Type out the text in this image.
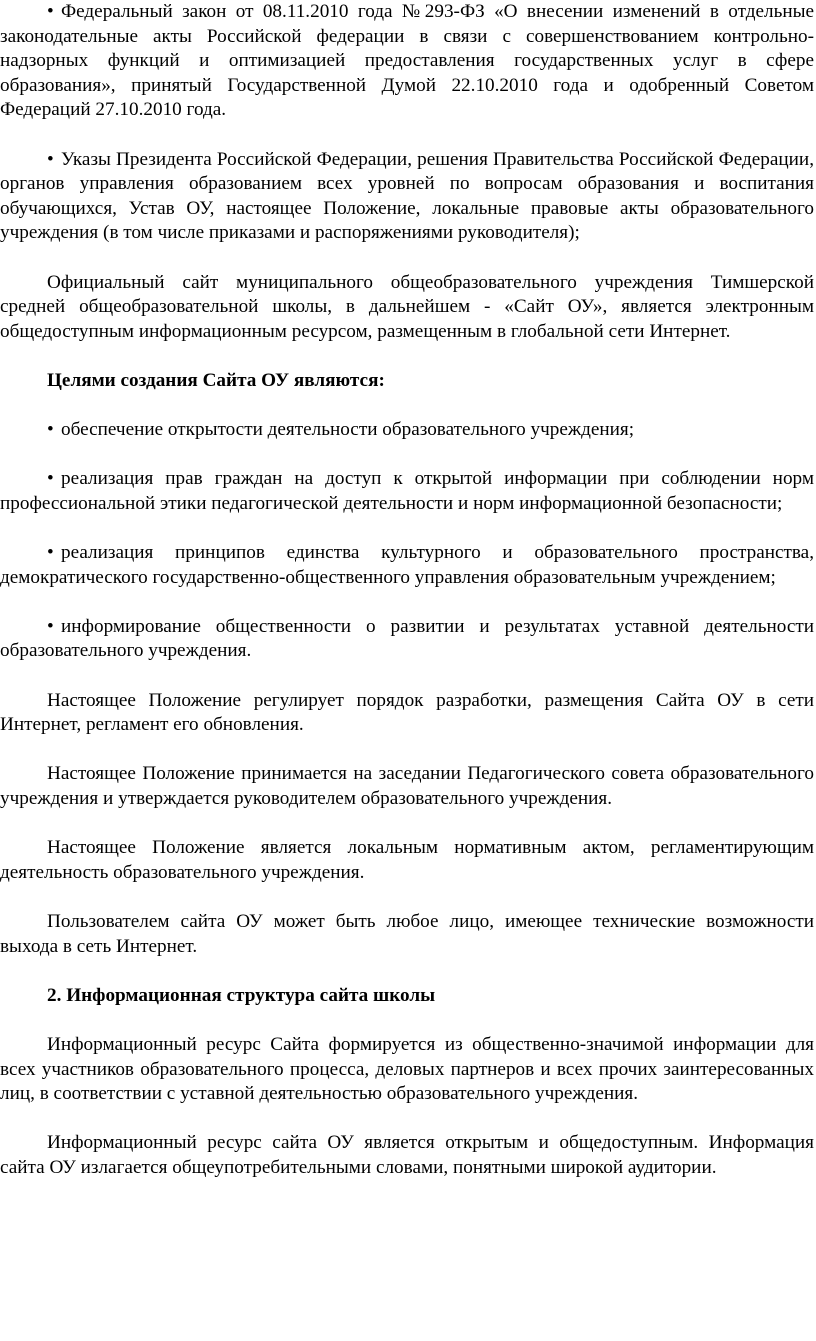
• Федеральный закон от 08.11.2010 года №293-ФЗ «О внесении изменений в отдельные законодательные акты Российской федерации в связи с совершенствованием контрольно-надзорных функций и оптимизацией предоставления государственных услуг в сфере образования», принятый Государственной Думой 22.10.2010 года и одобренный Советом Федераций 27.10.2010 года.

• Указы Президента Российской Федерации, решения Правительства Российской Федерации, органов управления образованием всех уровней по вопросам образования и воспитания обучающихся, Устав ОУ, настоящее Положение, локальные правовые акты образовательного учреждения (в том числе приказами и распоряжениями руководителя);

Официальный сайт муниципального общеобразовательного учреждения Тимшерской средней общеобразовательной школы, в дальнейшем - «Сайт ОУ», является электронным общедоступным информационным ресурсом, размещенным в глобальной сети Интернет.

Целями создания Сайта ОУ являются:

• обеспечение открытости деятельности образовательного учреждения;

• реализация прав граждан на доступ к открытой информации при соблюдении норм профессиональной этики педагогической деятельности и норм информационной безопасности;

• реализация принципов единства культурного и образовательного пространства, демократического государственно-общественного управления образовательным учреждением;

• информирование общественности о развитии и результатах уставной деятельности образовательного учреждения.

Настоящее Положение регулирует порядок разработки, размещения Сайта ОУ в сети Интернет, регламент его обновления.

Настоящее Положение принимается на заседании Педагогического совета образовательного учреждения и утверждается руководителем образовательного учреждения.

Настоящее Положение является локальным нормативным актом, регламентирующим деятельность образовательного учреждения.

Пользователем сайта ОУ может быть любое лицо, имеющее технические возможности выхода в сеть Интернет.

2. Информационная структура сайта школы

Информационный ресурс Сайта формируется из общественно-значимой информации для всех участников образовательного процесса, деловых партнеров и всех прочих заинтересованных лиц, в соответствии с уставной деятельностью образовательного учреждения.

Информационный ресурс сайта ОУ является открытым и общедоступным. Информация сайта ОУ излагается общеупотребительными словами, понятными широкой аудитории.
